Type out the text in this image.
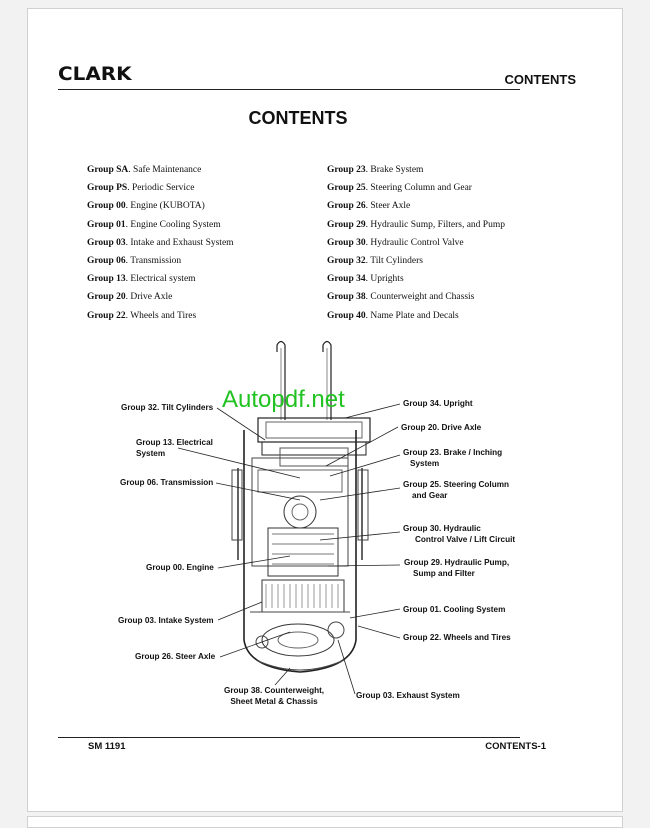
CLARK	CONTENTS
CONTENTS
Group SA. Safe Maintenance
Group PS. Periodic Service
Group 00. Engine (KUBOTA)
Group 01. Engine Cooling System
Group 03. Intake and Exhaust System
Group 06. Transmission
Group 13. Electrical system
Group 20. Drive Axle
Group 22. Wheels and Tires
Group 23. Brake System
Group 25. Steering Column and Gear
Group 26. Steer Axle
Group 29. Hydraulic Sump, Filters, and Pump
Group 30. Hydraulic Control Valve
Group 32. Tilt Cylinders
Group 34. Uprights
Group 38. Counterweight and Chassis
Group 40. Name Plate and Decals
Group 32. Tilt Cylinders
Group 13. Electrical
System
Group 06. Transmission
Group 00. Engine
Group 03. Intake System
Group 26. Steer Axle
Group 38. Counterweight,
Sheet Metal & Chassis
Group 34. Upright
Group 20. Drive Axle
Group 23. Brake / Inching
System
Group 25. Steering Column
and Gear
Group 30. Hydraulic
Control Valve / Lift Circuit
Group 29. Hydraulic Pump,
Sump and Filter
Group 01. Cooling System
Group 22. Wheels and Tires
Group 03. Exhaust System
Autopdf.net
SM 1191	CONTENTS-1
